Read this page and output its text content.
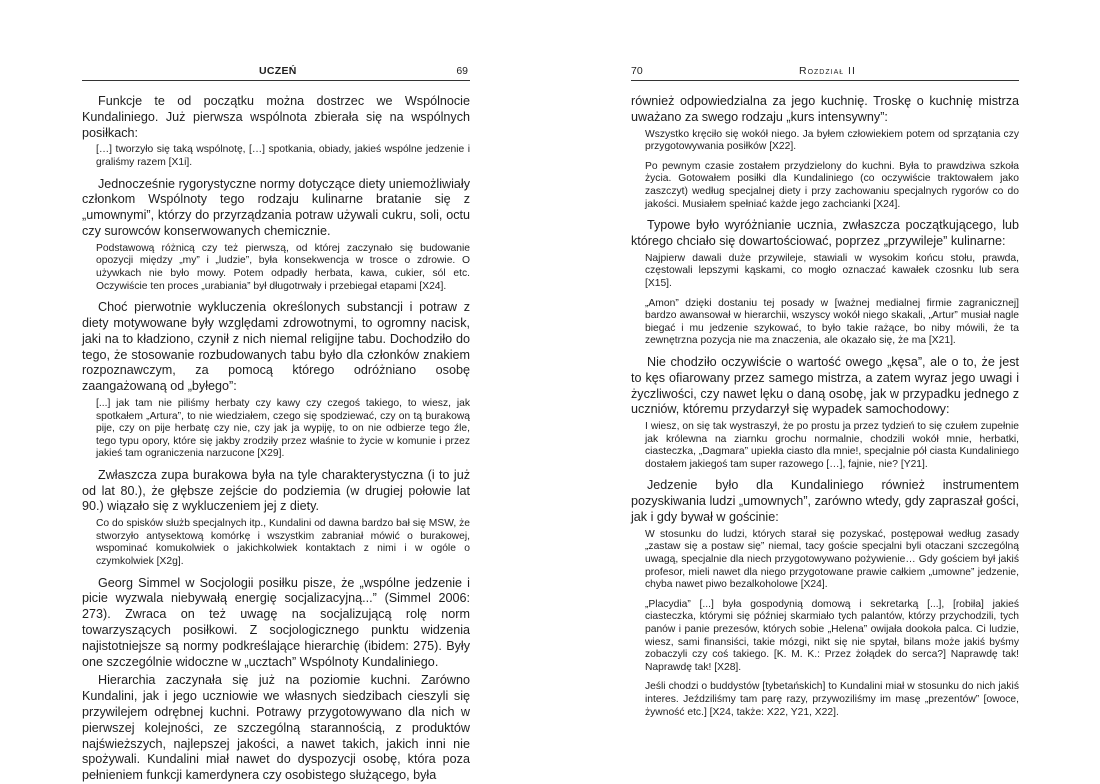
UCZEŃ	69

Funkcje te od początku można dostrzec we Wspólnocie Kundaliniego. Już pierwsza wspólnota zbierała się na wspólnych posiłkach:

[…] tworzyło się taką wspólnotę, […] spotkania, obiady, jakieś wspólne jedzenie i graliśmy razem [X1i].

Jednocześnie rygorystyczne normy dotyczące diety uniemożliwiały członkom Wspólnoty tego rodzaju kulinarne bratanie się z „umownymi”, którzy do przyrządzania potraw używali cukru, soli, octu czy surowców konserwowanych chemicznie.

Podstawową różnicą czy też pierwszą, od której zaczynało się budowanie opozycji między „my” i „ludzie”, była konsekwencja w trosce o zdrowie. O używkach nie było mowy. Potem odpadły herbata, kawa, cukier, sól etc. Oczywiście ten proces „urabiania” był długotrwały i przebiegał etapami [X24].

Choć pierwotnie wykluczenia określonych substancji i potraw z diety motywowane były względami zdrowotnymi, to ogromny nacisk, jaki na to kładziono, czynił z nich niemal religijne tabu. Dochodziło do tego, że stosowanie rozbudowanych tabu było dla członków znakiem rozpoznawczym, za pomocą którego odróżniano osobę zaangażowaną od „byłego”:

[...] jak tam nie piliśmy herbaty czy kawy czy czegoś takiego, to wiesz, jak spotkałem „Artura”, to nie wiedziałem, czego się spodziewać, czy on tą burakową pije, czy on pije herbatę czy nie, czy jak ja wypiję, to on nie odbierze tego źle, tego typu opory, które się jakby zrodziły przez właśnie to życie w komunie i przez jakieś tam ograniczenia narzucone [X29].

Zwłaszcza zupa burakowa była na tyle charakterystyczna (i to już od lat 80.), że głębsze zejście do podziemia (w drugiej połowie lat 90.) wiązało się z wykluczeniem jej z diety.

Co do spisków służb specjalnych itp., Kundalini od dawna bardzo bał się MSW, że stworzyło antysektową komórkę i wszystkim zabraniał mówić o burakowej, wspominać komukolwiek o jakichkolwiek kontaktach z nimi i w ogóle o czymkolwiek [X2g].

Georg Simmel w Socjologii posiłku pisze, że „wspólne jedzenie i picie wyzwala niebywałą energię socjalizacyjną...” (Simmel 2006: 273). Zwraca on też uwagę na socjalizującą rolę norm towarzyszących posiłkowi. Z socjologicznego punktu widzenia najistotniejsze są normy podkreślające hierarchię (ibidem: 275). Były one szczególnie widoczne w „ucztach” Wspólnoty Kundaliniego.

Hierarchia zaczynała się już na poziomie kuchni. Zarówno Kundalini, jak i jego uczniowie we własnych siedzibach cieszyli się przywilejem odrębnej kuchni. Potrawy przygotowywano dla nich w pierwszej kolejności, ze szczególną starannością, z produktów najświeższych, najlepszej jakości, a nawet takich, jakich inni nie spożywali. Kundalini miał nawet do dyspozycji osobę, która poza pełnieniem funkcji kamerdynera czy osobistego służącego, była

70	Rozdział II

również odpowiedzialna za jego kuchnię. Troskę o kuchnię mistrza uważano za swego rodzaju „kurs intensywny”:

Wszystko kręciło się wokół niego. Ja byłem człowiekiem potem od sprzątania czy przygotowywania posiłków [X22].

Po pewnym czasie zostałem przydzielony do kuchni. Była to prawdziwa szkoła życia. Gotowałem posiłki dla Kundaliniego (co oczywiście traktowałem jako zaszczyt) według specjalnej diety i przy zachowaniu specjalnych rygorów co do jakości. Musiałem spełniać każde jego zachcianki [X24].

Typowe było wyróżnianie ucznia, zwłaszcza początkującego, lub którego chciało się dowartościować, poprzez „przywileje” kulinarne:

Najpierw dawali duże przywileje, stawiali w wysokim końcu stołu, prawda, częstowali lepszymi kąskami, co mogło oznaczać kawałek czosnku lub sera [X15].

„Amon” dzięki dostaniu tej posady w [ważnej medialnej firmie zagranicznej] bardzo awansował w hierarchii, wszyscy wokół niego skakali, „Artur” musiał nagle biegać i mu jedzenie szykować, to było takie rażące, bo niby mówili, że ta zewnętrzna pozycja nie ma znaczenia, ale okazało się, że ma [X21].

Nie chodziło oczywiście o wartość owego „kęsa”, ale o to, że jest to kęs ofiarowany przez samego mistrza, a zatem wyraz jego uwagi i życzliwości, czy nawet lęku o daną osobę, jak w przypadku jednego z uczniów, któremu przydarzył się wypadek samochodowy:

I wiesz, on się tak wystraszył, że po prostu ja przez tydzień to się czułem zupełnie jak królewna na ziarnku grochu normalnie, chodzili wokół mnie, herbatki, ciasteczka, „Dagmara” upiekła ciasto dla mnie!, specjalnie pół ciasta Kundaliniego dostałem jakiegoś tam super razowego […], fajnie, nie? [Y21].

Jedzenie było dla Kundaliniego również instrumentem pozyskiwania ludzi „umownych”, zarówno wtedy, gdy zapraszał gości, jak i gdy bywał w gościnie:

W stosunku do ludzi, których starał się pozyskać, postępował według zasady „zastaw się a postaw się” niemal, tacy goście specjalni byli otaczani szczególną uwagą, specjalnie dla niech przygotowywano pożywienie… Gdy gościem był jakiś profesor, mieli nawet dla niego przygotowane prawie całkiem „umowne” jedzenie, chyba nawet piwo bezalkoholowe [X24].

„Placydia” [...] była gospodynią domową i sekretarką [...], [robiła] jakieś ciasteczka, którymi się później skarmiało tych palantów, którzy przychodzili, tych panów i panie prezesów, których sobie „Helena” owijała dookoła palca. Ci ludzie, wiesz, sami finansiści, takie mózgi, nikt się nie spytał, bilans może jakiś byśmy zobaczyli czy coś takiego. [K. M. K.: Przez żołądek do serca?] Naprawdę tak! Naprawdę tak! [X28].

Jeśli chodzi o buddystów [tybetańskich] to Kundalini miał w stosunku do nich jakiś interes. Jeździliśmy tam parę razy, przywoziliśmy im masę „prezentów” [owoce, żywność etc.] [X24, także: X22, Y21, X22].
